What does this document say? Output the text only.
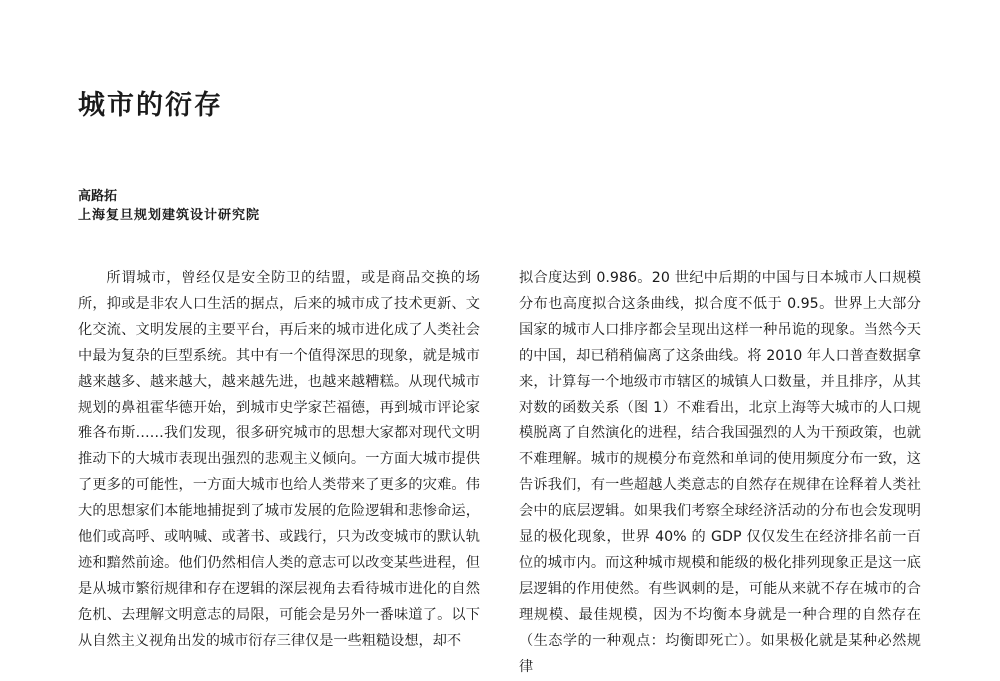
城市的衍存
高路拓
上海复旦规划建筑设计研究院

所谓城市，曾经仅是安全防卫的结盟，或是商品交换的场所，抑或是非农人口生活的据点，后来的城市成了技术更新、文化交流、文明发展的主要平台，再后来的城市进化成了人类社会中最为复杂的巨型系统。其中有一个值得深思的现象，就是城市越来越多、越来越大，越来越先进，也越来越糟糕。从现代城市规划的鼻祖霍华德开始，到城市史学家芒福德，再到城市评论家雅各布斯……我们发现，很多研究城市的思想大家都对现代文明推动下的大城市表现出强烈的悲观主义倾向。一方面大城市提供了更多的可能性，一方面大城市也给人类带来了更多的灾难。伟大的思想家们本能地捕捉到了城市发展的危险逻辑和悲惨命运，他们或高呼、或呐喊、或著书、或践行，只为改变城市的默认轨迹和黯然前途。他们仍然相信人类的意志可以改变某些进程，但是从城市繁衍规律和存在逻辑的深层视角去看待城市进化的自然危机、去理解文明意志的局限，可能会是另外一番味道了。以下从自然主义视角出发的城市衍存三律仅是一些粗糙设想，却不

拟合度达到 0.986。20 世纪中后期的中国与日本城市人口规模分布也高度拟合这条曲线，拟合度不低于 0.95。世界上大部分国家的城市人口排序都会呈现出这样一种吊诡的现象。当然今天的中国，却已稍稍偏离了这条曲线。将 2010 年人口普查数据拿来，计算每一个地级市市辖区的城镇人口数量，并且排序，从其对数的函数关系（图 1）不难看出，北京上海等大城市的人口规模脱离了自然演化的进程，结合我国强烈的人为干预政策，也就不难理解。城市的规模分布竟然和单词的使用频度分布一致，这告诉我们，有一些超越人类意志的自然存在规律在诠释着人类社会中的底层逻辑。如果我们考察全球经济活动的分布也会发现明显的极化现象，世界 40% 的 GDP 仅仅发生在经济排名前一百位的城市内。而这种城市规模和能级的极化排列现象正是这一底层逻辑的作用使然。有些讽刺的是，可能从来就不存在城市的合理规模、最佳规模，因为不均衡本身就是一种合理的自然存在（生态学的一种观点：均衡即死亡）。如果极化就是某种必然规律
